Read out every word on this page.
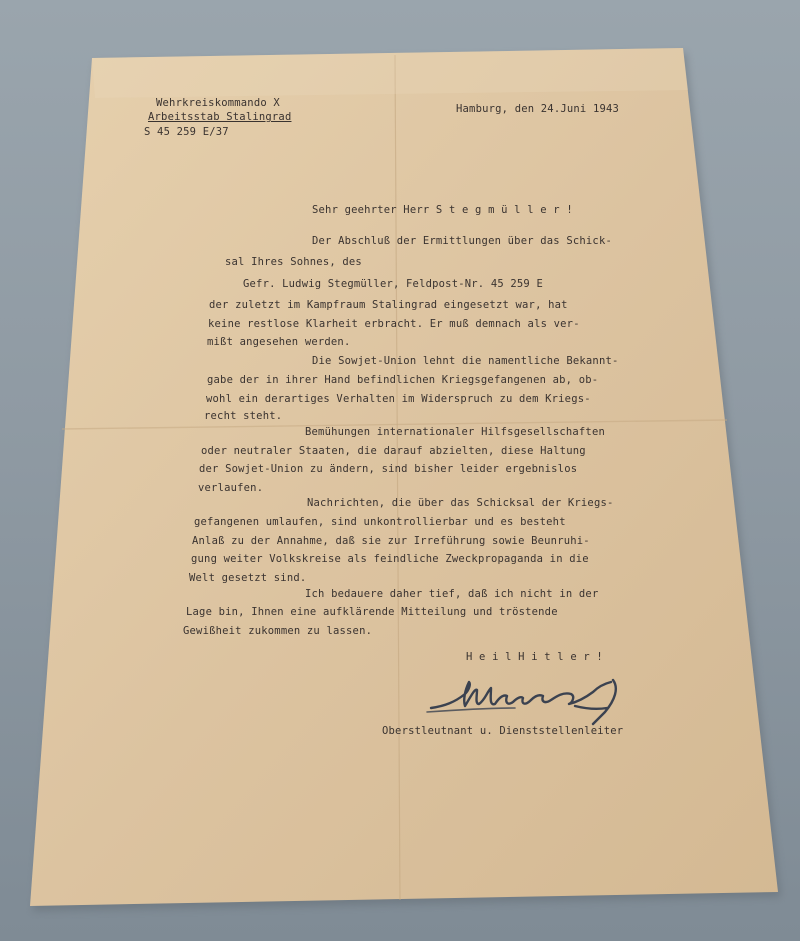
Wehrkreiskommando X
Arbeitsstab Stalingrad
S 45 259 E/37
Hamburg, den 24.Juni 1943
Sehr geehrter Herr S t e g m ü l l e r !
Der Abschluß der Ermittlungen über das Schick-
sal Ihres Sohnes, des
Gefr. Ludwig Stegmüller, Feldpost-Nr. 45 259 E
der zuletzt im Kampfraum Stalingrad eingesetzt war, hat
keine restlose Klarheit erbracht. Er muß demnach als ver-
mißt angesehen werden.
Die Sowjet-Union lehnt die namentliche Bekannt-
gabe der in ihrer Hand befindlichen Kriegsgefangenen ab, ob-
wohl ein derartiges Verhalten im Widerspruch zu dem Kriegs-
recht steht.
Bemühungen internationaler Hilfsgesellschaften
oder neutraler Staaten, die darauf abzielten, diese Haltung
der Sowjet-Union zu ändern, sind bisher leider ergebnislos
verlaufen.
Nachrichten, die über das Schicksal der Kriegs-
gefangenen umlaufen, sind unkontrollierbar und es besteht
Anlaß zu der Annahme, daß sie zur Irreführung sowie Beunruhi-
gung weiter Volkskreise als feindliche Zweckpropaganda in die
Welt gesetzt sind.
Ich bedauere daher tief, daß ich nicht in der
Lage bin, Ihnen eine aufklärende Mitteilung und tröstende
Gewißheit zukommen zu lassen.
H e i l H i t l e r !
Oberstleutnant u. Dienststellenleiter
